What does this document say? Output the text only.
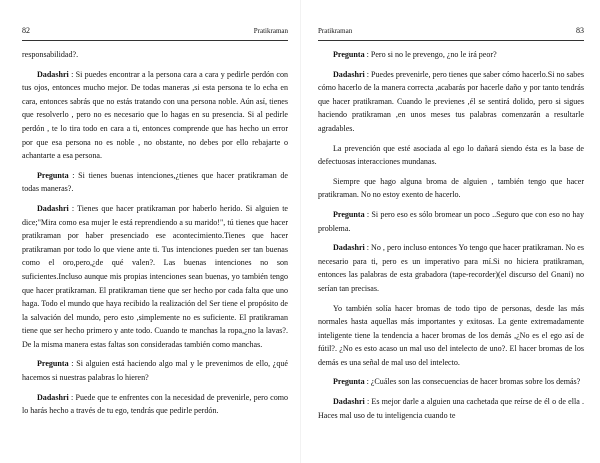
82	Pratikraman

responsabilidad?.

Dadashri : Si puedes encontrar a la persona cara a cara y pedirle perdón con tus ojos, entonces mucho mejor. De todas maneras ,si esta persona te lo echa en cara, entonces sabrás que no estás tratando con una persona noble. Aún así, tienes que resolverlo , pero no es necesario que lo hagas en su presencia. Si al pedirle perdón , te lo tira todo en cara a ti, entonces comprende que has hecho un error por que esa persona no es noble , no obstante, no debes por ello rebajarte o achantarte a esa persona.

Pregunta : Si tienes buenas intenciones,¿tienes que hacer pratikraman de todas maneras?.

Dadashri : Tienes que hacer pratikraman por haberlo herido. Si alguien te dice;"Mira como esa mujer le está reprendiendo a su marido!", tú tienes que hacer pratikraman por haber presenciado ese acontecimiento.Tienes que hacer pratikraman por todo lo que viene ante ti. Tus intenciones pueden ser tan buenas como el oro,pero,¿de qué valen?. Las buenas intenciones no son suficientes.Incluso aunque mis propias intenciones sean buenas, yo también tengo que hacer pratikraman. El pratikraman tiene que ser hecho por cada falta que uno haga. Todo el mundo que haya recibido la realización del Ser tiene el propósito de la salvación del mundo, pero esto ,simplemente no es suficiente. El pratikraman tiene que ser hecho primero y ante todo. Cuando te manchas la ropa,¿no la lavas?. De la misma manera estas faltas son consideradas también como manchas.

Pregunta : Si alguien está haciendo algo mal y le prevenimos de ello, ¿qué hacemos si nuestras palabras lo hieren?

Dadashri : Puede que te enfrentes con la necesidad de prevenirle, pero como lo harás hecho a través de tu ego, tendrás que pedirle perdón.

Pratikraman	83

Pregunta : Pero si no le prevengo, ¿no le irá peor?

Dadashri : Puedes prevenirle, pero tienes que saber cómo hacerlo.Si no sabes cómo hacerlo de la manera correcta ,acabarás por hacerle daño y por tanto tendrás que hacer pratikraman. Cuando le previenes ,él se sentirá dolido, pero si sigues haciendo pratikraman ,en unos meses tus palabras comenzarán a resultarle agradables.

La prevención que esté asociada al ego lo dañará siendo ésta es la base de defectuosas interacciones mundanas.

Siempre que hago alguna broma de alguien , también tengo que hacer pratikraman. No no estoy exento de hacerlo.

Pregunta : Si pero eso es sólo bromear un poco ..Seguro que con eso no hay problema.

Dadashri : No , pero incluso entonces Yo tengo que hacer pratikraman. No es necesario para ti, pero es un imperativo para mí.Si no hiciera pratikraman, entonces las palabras de esta grabadora (tape-recorder)(el discurso del Gnani) no serían tan precisas.

Yo también solía hacer bromas de todo tipo de personas, desde las más normales hasta aquellas más importantes y exitosas. La gente extremadamente inteligente tiene la tendencia a hacer bromas de los demás ,¿No es el ego así de fútil?. ¿No es esto acaso un mal uso del intelecto de uno?. El hacer bromas de los demás es una señal de mal uso del intelecto.

Pregunta : ¿Cuáles son las consecuencias de hacer bromas sobre los demás?

Dadashri : Es mejor darle a alguien una cachetada que reírse de él o de ella . Haces mal uso de tu inteligencia cuando te
